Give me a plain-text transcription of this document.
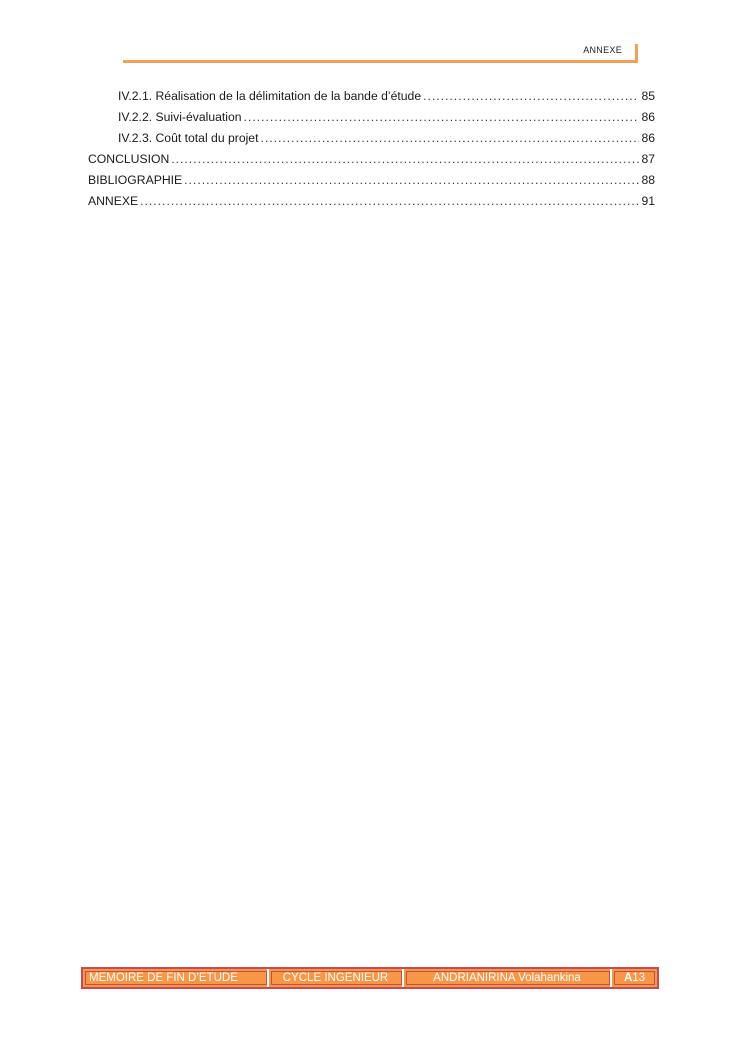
ANNEXE
IV.2.1. Réalisation de la délimitation de la bande d’étude .....	85
IV.2.2. Suivi-évaluation .....	86
IV.2.3. Coût total du projet .....	86
CONCLUSION .....	87
BIBLIOGRAPHIE .....	88
ANNEXE .....	91
MEMOIRE DE FIN D’ETUDE	CYCLE INGENIEUR	ANDRIANIRINA Volahankina	A 13
